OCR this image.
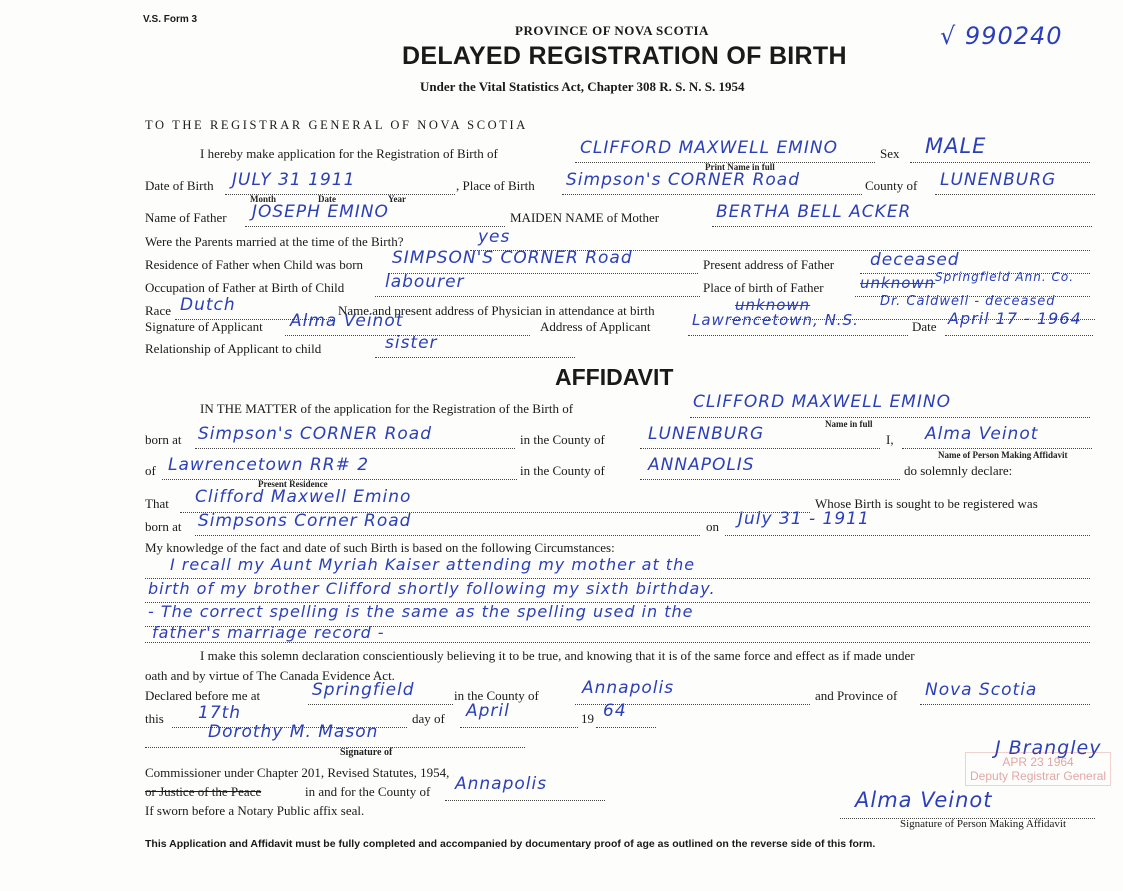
V.S. Form 3
PROVINCE OF NOVA SCOTIA
DELAYED REGISTRATION OF BIRTH
Under the Vital Statistics Act, Chapter 308 R. S. N. S. 1954
√ 990240
TO THE REGISTRAR GENERAL OF NOVA SCOTIA
I hereby make application for the Registration of Birth of	CLIFFORD MAXWELL EMINO
Print Name in full
Sex MALE
Date of Birth JULY 31 1911
Month	Date	Year
, Place of Birth Simpson's CORNER Road	County of LUNENBURG
Name of Father JOSEPH EMINO	MAIDEN NAME of Mother	BERTHA BELL ACKER
Were the Parents married at the time of the Birth?	yes
Residence of Father when Child was born SIMPSON'S CORNER Road	Present address of Father deceased
Occupation of Father at Birth of Child labourer	Place of birth of Father unknown Springfield Ann. Co.
Race Dutch	Name and present address of Physician in attendance at birth	unknown	Dr. Caldwell - deceased
Signature of Applicant Alma Veinot	Address of Applicant	Lawrencetown, N.S.	Date April 17 - 1964
Relationship of Applicant to child	sister
AFFIDAVIT
IN THE MATTER of the application for the Registration of the Birth of	CLIFFORD MAXWELL EMINO
Name in full
born at Simpson's CORNER Road	in the County of	LUNENBURG	I, Alma Veinot
Name of Person Making Affidavit
of Lawrencetown RR# 2
Present Residence
in the County of	ANNAPOLIS	do solemnly declare:
That Clifford Maxwell Emino	Whose Birth is sought to be registered was
born at Simpsons Corner Road	on July 31 - 1911
My knowledge of the fact and date of such Birth is based on the following Circumstances:
I recall my Aunt Myriah Kaiser attending my mother at the
birth of my brother Clifford shortly following my sixth birthday.
- The correct spelling is the same as the spelling used in the
father's marriage record -
I make this solemn declaration conscientiously believing it to be true, and knowing that it is of the same force and effect as if made under
oath and by virtue of The Canada Evidence Act.
Declared before me at	Springfield	in the County of	Annapolis	and Province of Nova Scotia
this 17th	day of April	19 64
Dorothy M. Mason
Signature of
Commissioner under Chapter 201, Revised Statutes, 1954,
or Justice of the Peace	in and for the County of Annapolis
If sworn before a Notary Public affix seal.
J Brangley
APR 23 1964
Deputy Registrar General
Alma Veinot
Signature of Person Making Affidavit
This Application and Affidavit must be fully completed and accompanied by documentary proof of age as outlined on the reverse side of this form.
